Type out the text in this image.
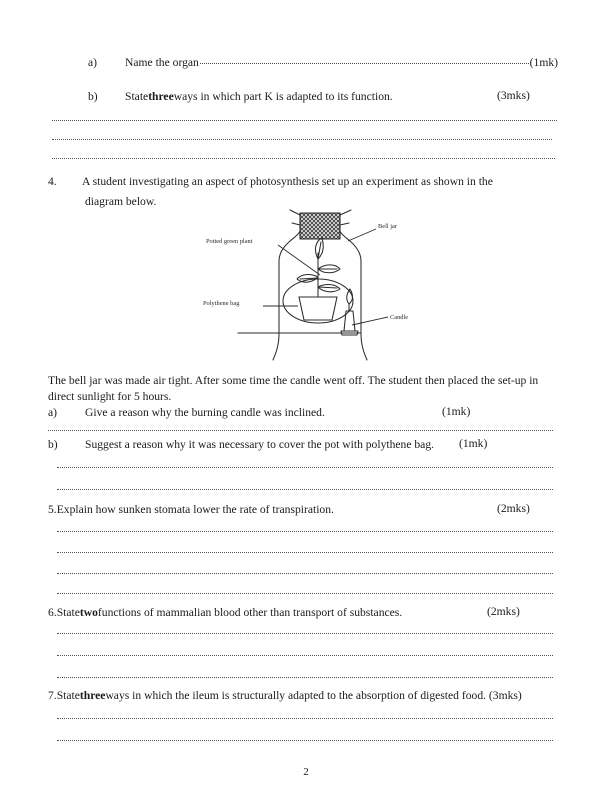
a)	Name the organ	(1mk)
b)	State three ways in which part K is adapted to its function.	(3mks)
4.	A student investigating an aspect of photosynthesis set up an experiment as shown in the
diagram below.
Bell jar
Potted green plant
Polythene bag
Candle
The bell jar was made air tight. After some time the candle went off. The student then placed the set-up in
direct sunlight for 5 hours.
a)	Give a reason why the burning candle was inclined.	(1mk)
b)	Suggest a reason why it was necessary to cover the pot with polythene bag. (1mk)
5. Explain how sunken stomata lower the rate of transpiration.	(2mks)
6. State two functions of mammalian blood other than transport of substances.	(2mks)
7. State three ways in which the ileum is structurally adapted to the absorption of digested food. (3mks)
2
